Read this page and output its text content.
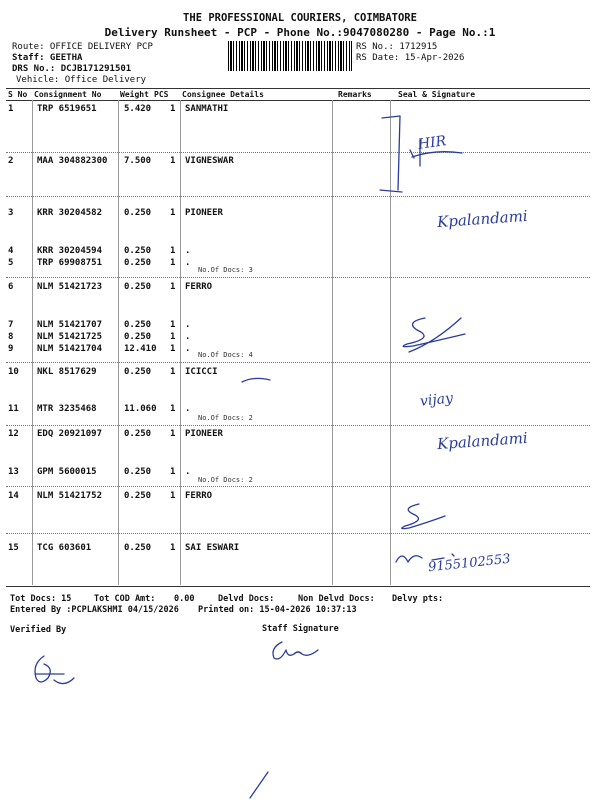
THE PROFESSIONAL COURIERS, COIMBATORE
Delivery Runsheet - PCP - Phone No.:9047080280 - Page No.:1
Route: OFFICE DELIVERY PCP
Staff: GEETHA
DRS No.: DCJB171291501
Vehicle: Office Delivery
RS No.: 1712915
RS Date: 15-Apr-2026
S No Consignment No Weight PCS Consignee Details	Remarks	Seal & Signature
1	TRP 6519651	5.420 1 SANMATHI
2	MAA 304882300 7.500 1 VIGNESWAR
3	KRR 30204582 0.250 1 PIONEER
4	KRR 30204594 0.250 1 .
5	TRP 69908751 0.250 1 .
6	NLM 51421723 0.250 1 FERRO
7	NLM 51421707 0.250 1 .
8	NLM 51421725 0.250 1 .
9	NLM 51421704 12.410 1 .
10 NKL 8517629	0.250 1 ICICCI
11 MTR 3235468	11.060 1 .
12 EDQ 20921097 0.250 1 PIONEER
13 GPM 5600015	0.250 1 .
14 NLM 51421752 0.250 1 FERRO
15 TCG 603601	0.250 1 SAI ESWARI
No.Of Docs: 3
No.Of Docs: 4
No.Of Docs: 2
No.Of Docs: 2
HIR
Kpalandami
vijay
Kpalandami
9155102553
Tot Docs: 15	Tot COD Amt: 0.00	Delvd Docs:	Non Delvd Docs: Delvy pts:
Entered By :PCPLAKSHMI 04/15/2026 Printed on: 15-04-2026 10:37:13
Verified By	Staff Signature
